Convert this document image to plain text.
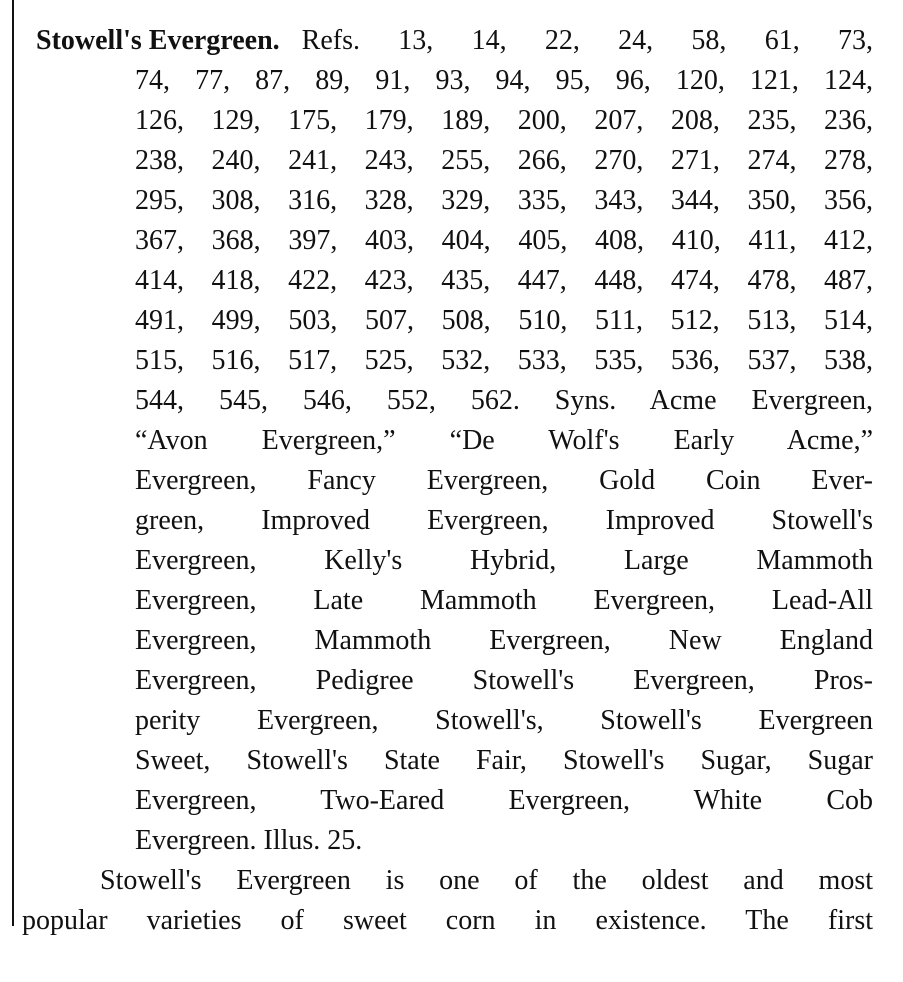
Stowell's Evergreen. Refs. 13, 14, 22, 24, 58, 61, 73,
74, 77, 87, 89, 91, 93, 94, 95, 96, 120, 121, 124,
126, 129, 175, 179, 189, 200, 207, 208, 235, 236,
238, 240, 241, 243, 255, 266, 270, 271, 274, 278,
295, 308, 316, 328, 329, 335, 343, 344, 350, 356,
367, 368, 397, 403, 404, 405, 408, 410, 411, 412,
414, 418, 422, 423, 435, 447, 448, 474, 478, 487,
491, 499, 503, 507, 508, 510, 511, 512, 513, 514,
515, 516, 517, 525, 532, 533, 535, 536, 537, 538,
544, 545, 546, 552, 562. Syns. Acme Evergreen,
“Avon Evergreen,” “De Wolf's Early Acme,”
Evergreen, Fancy Evergreen, Gold Coin Ever-
green, Improved Evergreen, Improved Stowell's
Evergreen, Kelly's Hybrid, Large Mammoth
Evergreen, Late Mammoth Evergreen, Lead-All
Evergreen, Mammoth Evergreen, New England
Evergreen, Pedigree Stowell's Evergreen, Pros-
perity Evergreen, Stowell's, Stowell's Evergreen
Sweet, Stowell's State Fair, Stowell's Sugar, Sugar
Evergreen, Two-Eared Evergreen, White Cob
Evergreen. Illus. 25.
Stowell's Evergreen is one of the oldest and most
popular varieties of sweet corn in existence. The first
